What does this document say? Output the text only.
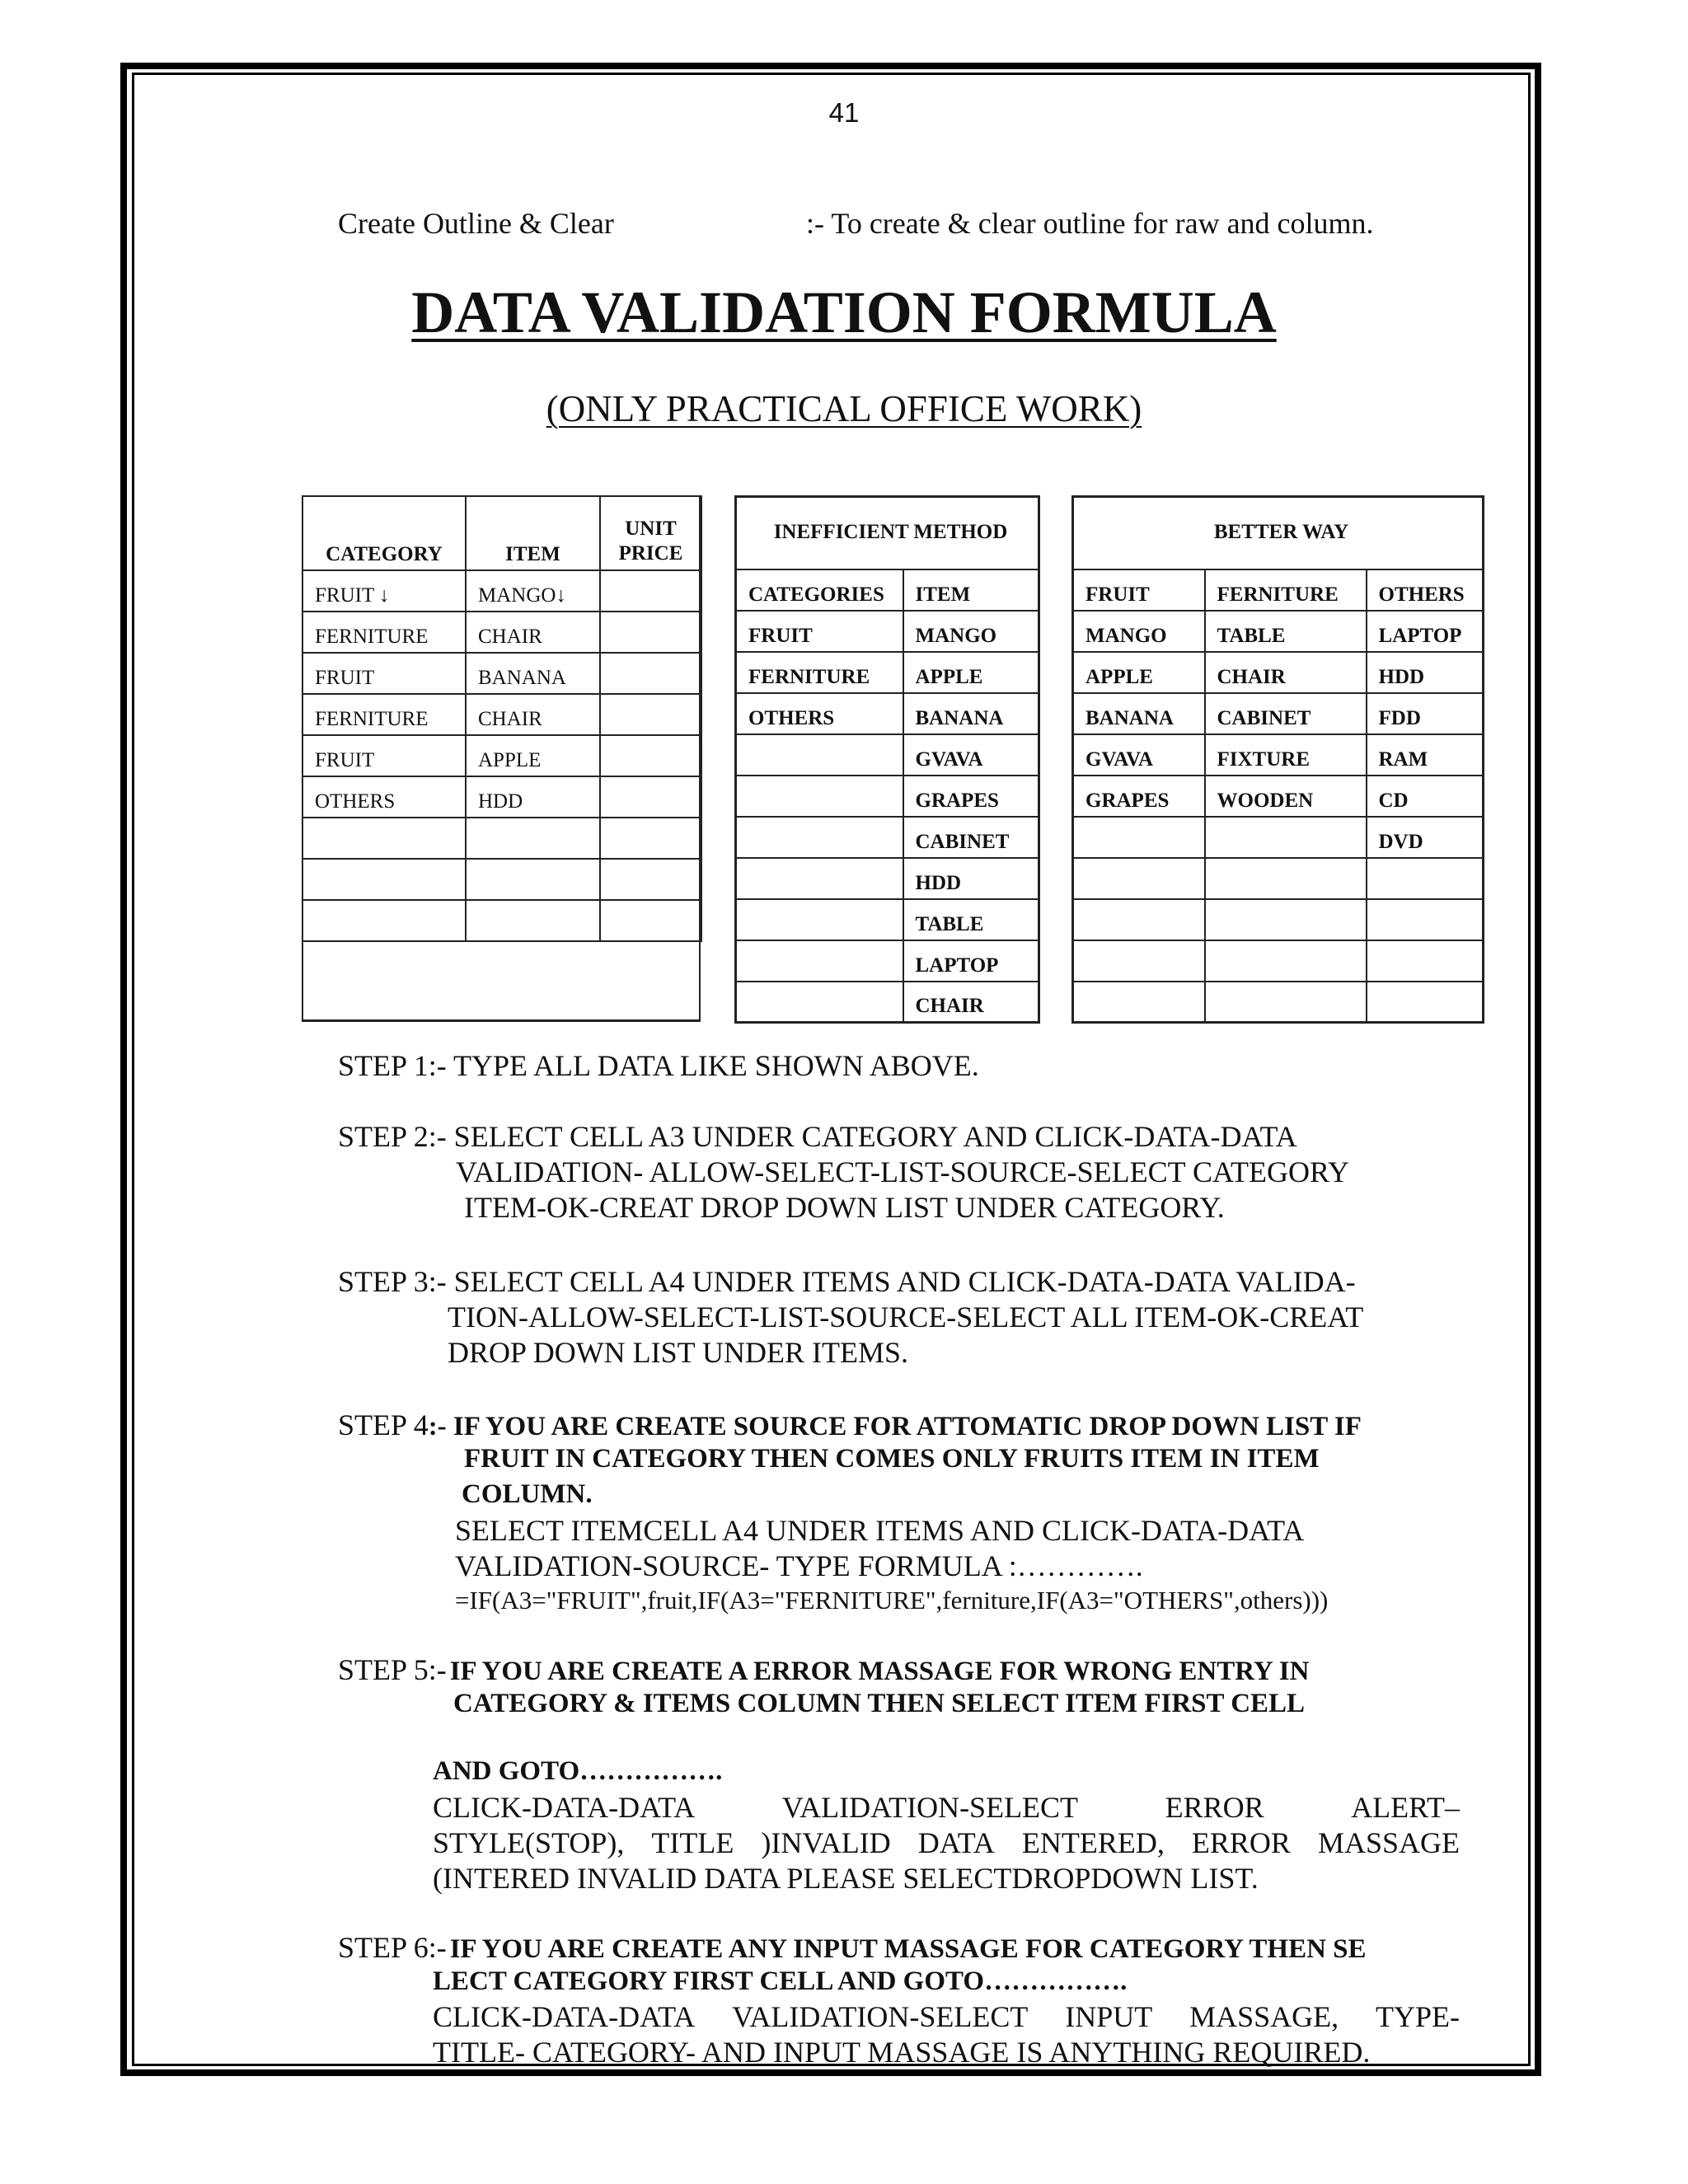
41
Create Outline & Clear	:- To create & clear outline for raw and column.
DATA VALIDATION FORMULA
(ONLY PRACTICAL OFFICE WORK)
CATEGORY	ITEM	UNIT PRICE
FRUIT ↓	MANGO↓	
FERNITURE	CHAIR	
FRUIT	BANANA	
FERNITURE	CHAIR	
FRUIT	APPLE	
OTHERS	HDD	

INEFFICIENT METHOD	
CATEGORIES	ITEM
FRUIT	MANGO
FERNITURE	APPLE
OTHERS	BANANA
	GVAVA
	GRAPES
	CABINET
	HDD
	TABLE
	LAPTOP
	CHAIR
BETTER WAY		
FRUIT	FERNITURE	OTHERS
MANGO	TABLE	LAPTOP
APPLE	CHAIR	HDD
BANANA	CABINET	FDD
GVAVA	FIXTURE	RAM
GRAPES	WOODEN	CD
		DVD

STEP 1:- TYPE ALL DATA LIKE SHOWN ABOVE.
STEP 2:- SELECT CELL A3 UNDER CATEGORY AND CLICK-DATA-DATA
VALIDATION- ALLOW-SELECT-LIST-SOURCE-SELECT CATEGORY
ITEM-OK-CREAT DROP DOWN LIST UNDER CATEGORY.
STEP 3:- SELECT CELL A4 UNDER ITEMS AND CLICK-DATA-DATA VALIDA-
TION-ALLOW-SELECT-LIST-SOURCE-SELECT ALL ITEM-OK-CREAT
DROP DOWN LIST UNDER ITEMS.
STEP 4:- IF YOU ARE CREATE SOURCE FOR ATTOMATIC DROP DOWN LIST IF
FRUIT IN CATEGORY THEN COMES ONLY FRUITS ITEM IN ITEM
COLUMN.
SELECT ITEMCELL A4 UNDER ITEMS AND CLICK-DATA-DATA
VALIDATION-SOURCE- TYPE FORMULA :………….
=IF(A3="FRUIT",fruit,IF(A3="FERNITURE",ferniture,IF(A3="OTHERS",others)))
STEP 5:- IF YOU ARE CREATE A ERROR MASSAGE FOR WRONG ENTRY IN
CATEGORY & ITEMS COLUMN THEN SELECT ITEM FIRST CELL
AND GOTO…………….
CLICK-DATA-DATA	VALIDATION-SELECT	ERROR	ALERT–
STYLE(STOP), TITLE )INVALID DATA ENTERED, ERROR MASSAGE
(INTERED INVALID DATA PLEASE SELECTDROPDOWN LIST.
STEP 6:- IF YOU ARE CREATE ANY INPUT MASSAGE FOR CATEGORY THEN SE
LECT CATEGORY FIRST CELL AND GOTO…………….
CLICK-DATA-DATA VALIDATION-SELECT INPUT MASSAGE, TYPE-
TITLE- CATEGORY- AND INPUT MASSAGE IS ANYTHING REQUIRED.
